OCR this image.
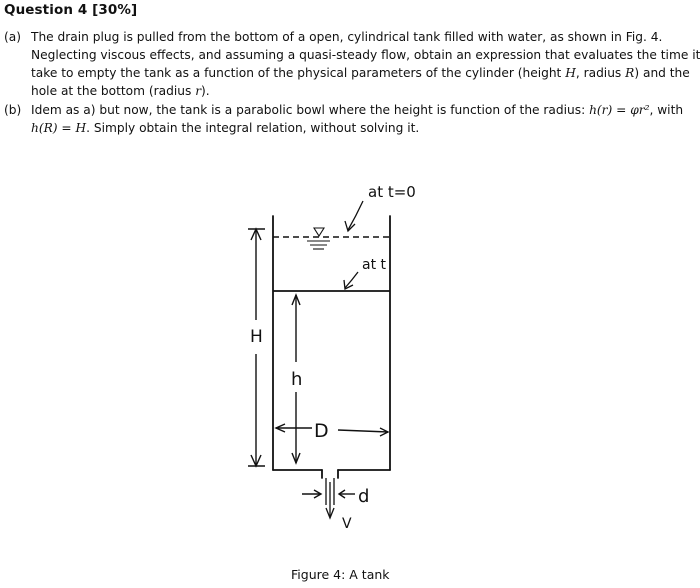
Question 4 [30%]
(a) The drain plug is pulled from the bottom of a open, cylindrical tank filled with water, as shown in Fig. 4.
Neglecting viscous effects, and assuming a quasi-steady flow, obtain an expression that evaluates the time it
take to empty the tank as a function of the physical parameters of the cylinder (height H, radius R) and the
hole at the bottom (radius r).
(b) Idem as a) but now, the tank is a parabolic bowl where the height is function of the radius: h(r) = φr², with
h(R) = H. Simply obtain the integral relation, without solving it.
H
h
D
d
V
at t=0
at t
Figure 4: A tank
